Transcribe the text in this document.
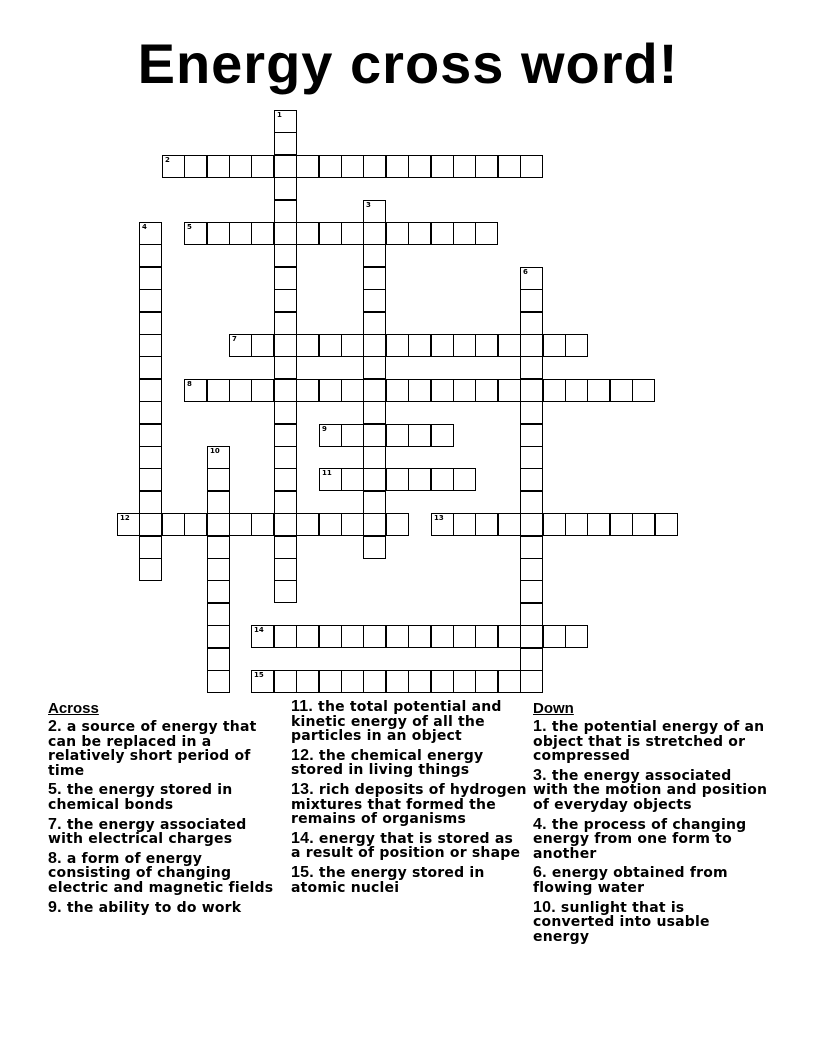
Energy cross word!
1
2
3
4	5
6
7
8
9
10
11
12	13
14
15
Across
2. a source of energy that can be replaced in a relatively short period of time
5. the energy stored in chemical bonds
7. the energy associated with electrical charges
8. a form of energy consisting of changing electric and magnetic fields
9. the ability to do work
11. the total potential and kinetic energy of all the particles in an object
12. the chemical energy stored in living things
13. rich deposits of hydrogen mixtures that formed the remains of organisms
14. energy that is stored as a result of position or shape
15. the energy stored in atomic nuclei
Down
1. the potential energy of an object that is stretched or compressed
3. the energy associated with the motion and position of everyday objects
4. the process of changing energy from one form to another
6. energy obtained from flowing water
10. sunlight that is converted into usable energy
